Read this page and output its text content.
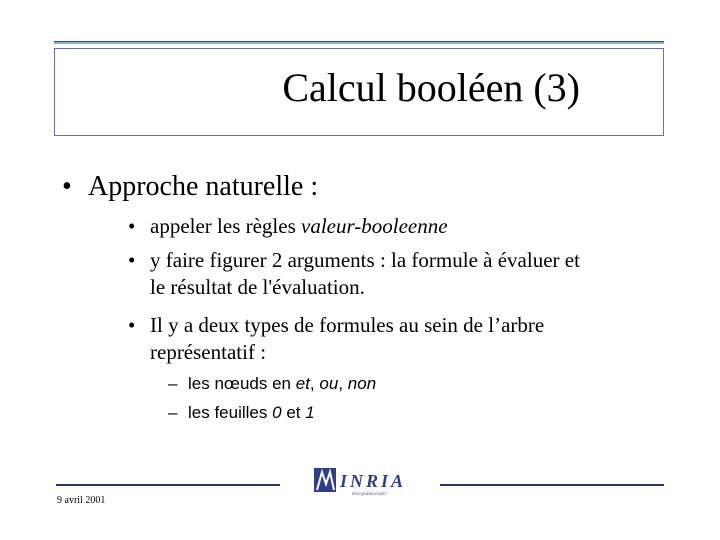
Calcul booléen (3)
• Approche naturelle :
• appeler les règles valeur-booleenne
• y faire figurer 2 arguments : la formule à évaluer et
le résultat de l'évaluation.
• Il y a deux types de formules au sein de l’arbre
représentatif :
– les nœuds en et, ou, non
– les feuilles 0 et 1
INRIA
ROCQUENCOURT
9 avril 2001
